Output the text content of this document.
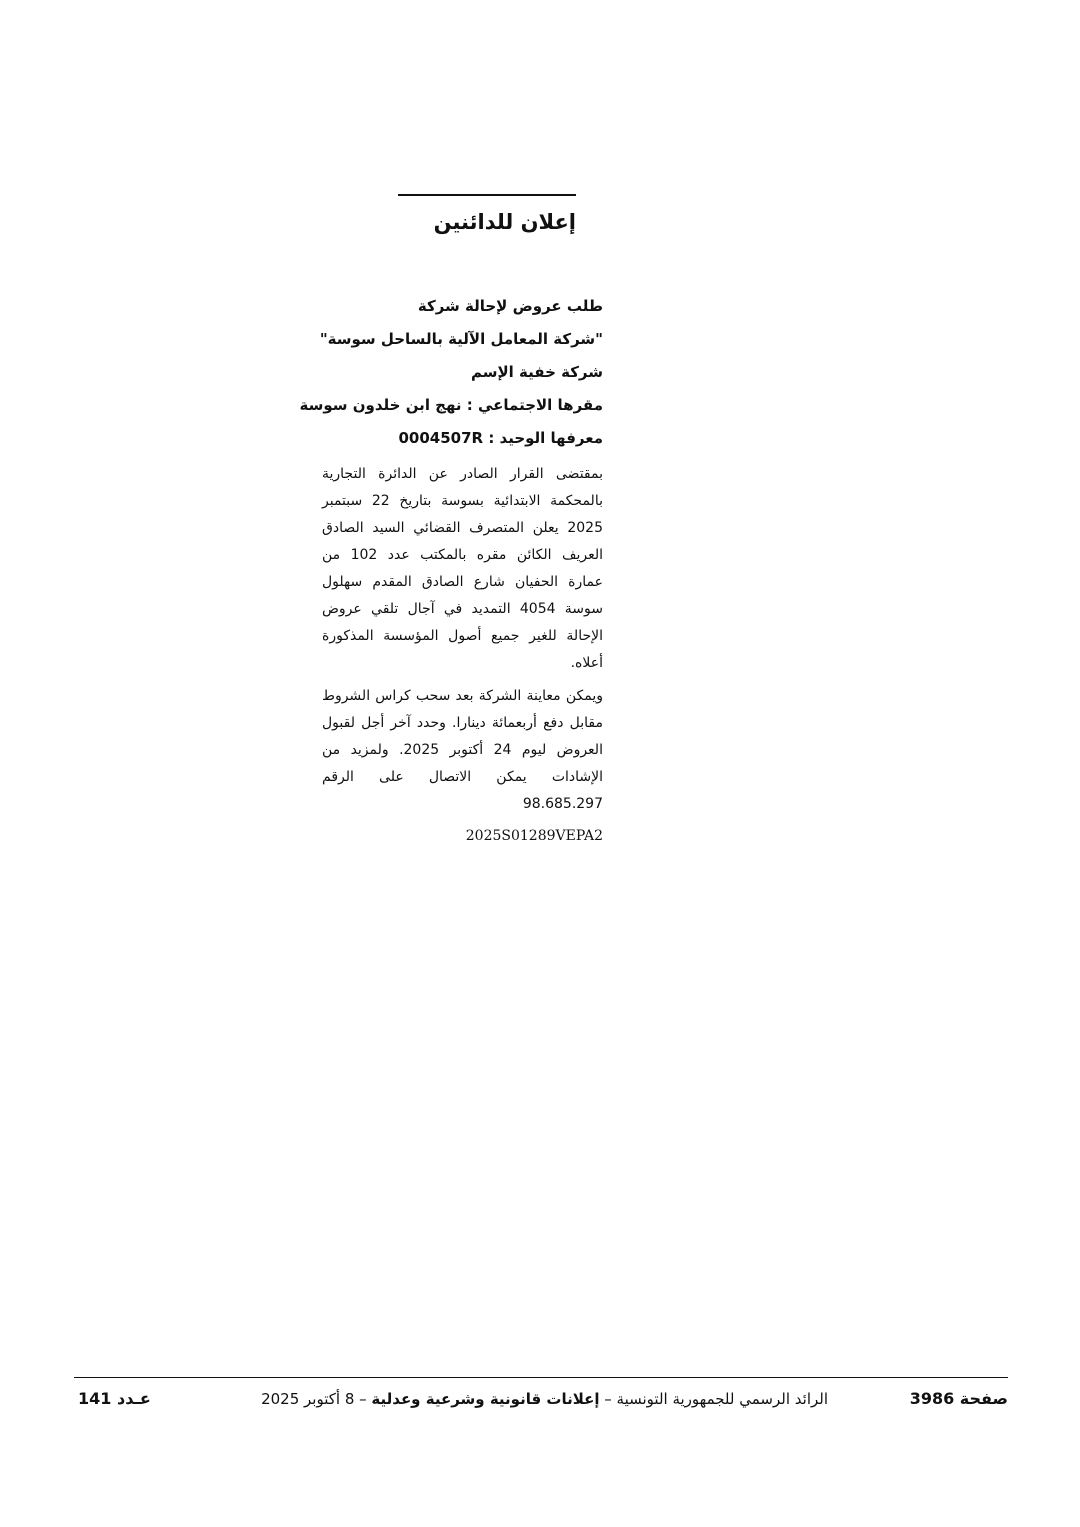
إعلان للدائنين
طلب عروض لإحالة شركة
"شركة المعامل الآلية بالساحل سوسة"
شركة خفية الإسم
مقرها الاجتماعي : نهج ابن خلدون سوسة
معرفها الوحيد : 0004507R

بمقتضى القرار الصادر عن الدائرة التجارية بالمحكمة الابتدائية بسوسة بتاريخ 22 سبتمبر 2025 يعلن المتصرف القضائي السيد الصادق العريف الكائن مقره بالمكتب عدد 102 من عمارة الحفيان شارع الصادق المقدم سهلول سوسة 4054 التمديد في آجال تلقي عروض الإحالة للغير جميع أصول المؤسسة المذكورة أعلاه.

ويمكن معاينة الشركة بعد سحب كراس الشروط مقابل دفع أربعمائة دينارا. وحدد آخر أجل لقبول العروض ليوم 24 أكتوبر 2025. ولمزيد من الإشادات يمكن الاتصال على الرقم 98.685.297

2025S01289VEPA2
صفحة 3986
الرائد الرسمي للجمهورية التونسية – إعلانات قانونية وشرعية وعدلية – 8 أكتوبر 2025
عـدد 141
